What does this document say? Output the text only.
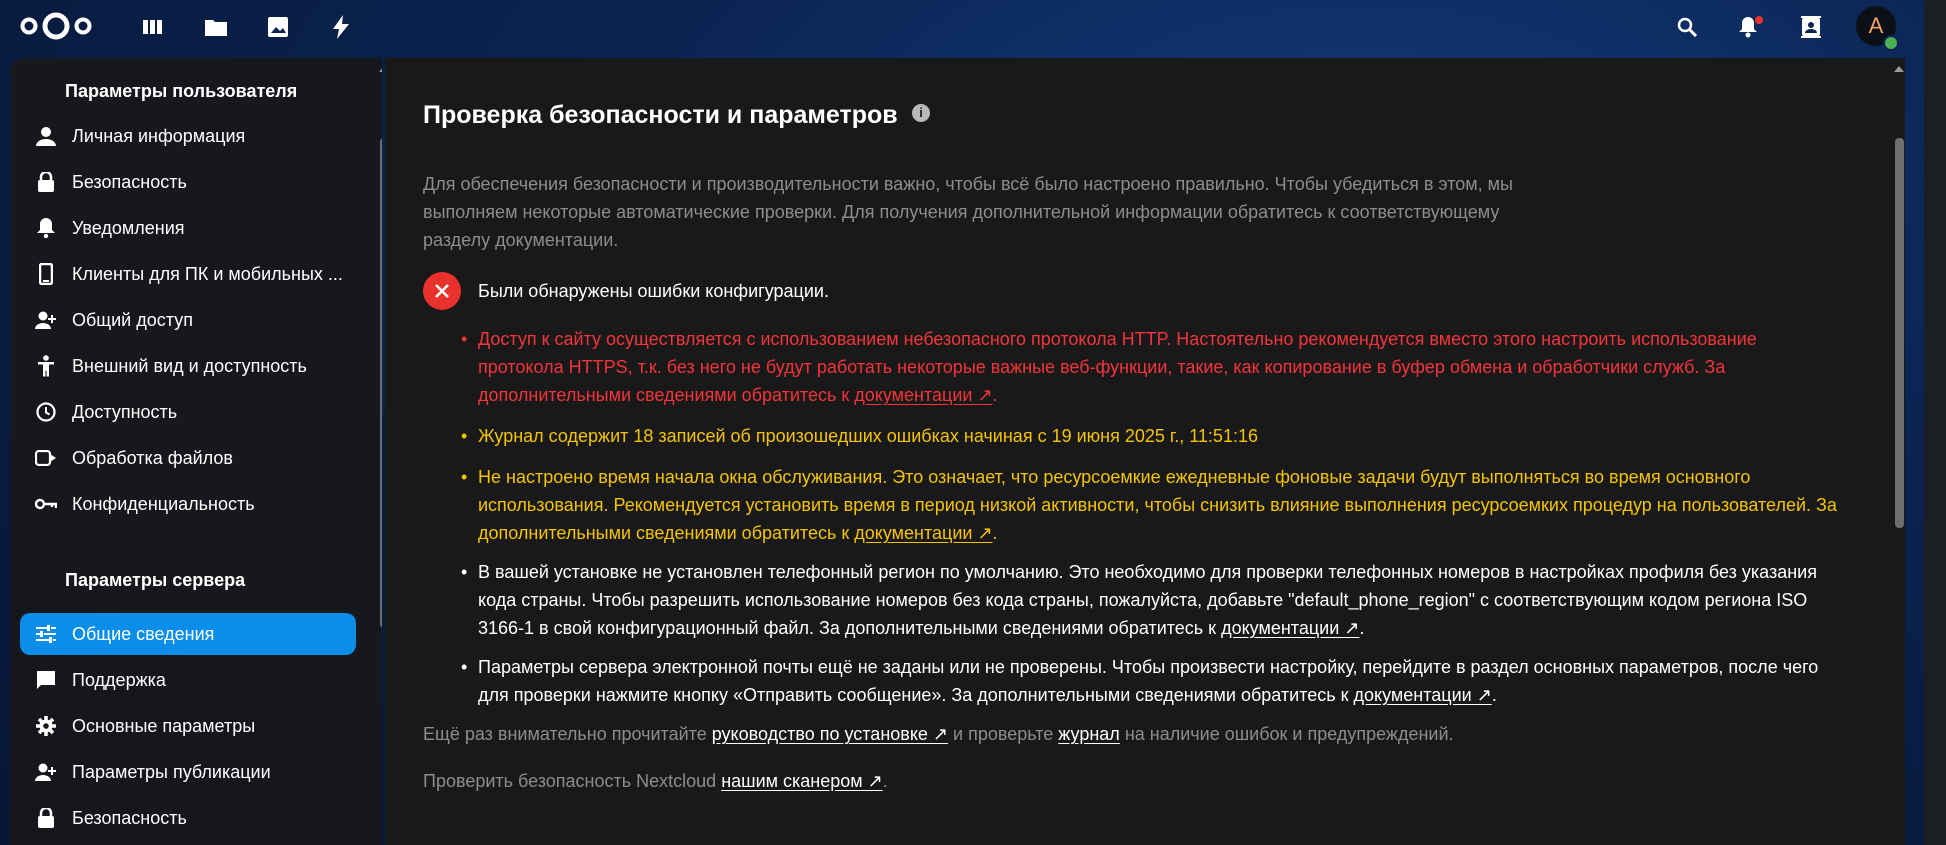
A
Параметры пользователя
Личная информация
Безопасность
Уведомления
Клиенты для ПК и мобильных ...
Общий доступ
Внешний вид и доступность
Доступность
Обработка файлов
Конфиденциальность
Параметры сервера
Общие сведения
Поддержка
Основные параметры
Параметры публикации
Безопасность
Проверка безопасности и параметров	i
Для обеспечения безопасности и производительности важно, чтобы всё было настроено правильно. Чтобы убедиться в этом, мы выполняем некоторые автоматические проверки. Для получения дополнительной информации обратитесь к соответствующему разделу документации.
Были обнаружены ошибки конфигурации.
• Доступ к сайту осуществляется с использованием небезопасного протокола HTTP. Настоятельно рекомендуется вместо этого настроить использование протокола HTTPS, т.к. без него не будут работать некоторые важные веб-функции, такие, как копирование в буфер обмена и обработчики служб. За дополнительными сведениями обратитесь к документации ↗.
• Журнал содержит 18 записей об произошедших ошибках начиная с 19 июня 2025 г., 11:51:16
• Не настроено время начала окна обслуживания. Это означает, что ресурсоемкие ежедневные фоновые задачи будут выполняться во время основного использования. Рекомендуется установить время в период низкой активности, чтобы снизить влияние выполнения ресурсоемких процедур на пользователей. За дополнительными сведениями обратитесь к документации ↗.
• В вашей установке не установлен телефонный регион по умолчанию. Это необходимо для проверки телефонных номеров в настройках профиля без указания кода страны. Чтобы разрешить использование номеров без кода страны, пожалуйста, добавьте "default_phone_region" с соответствующим кодом региона ISO 3166-1 в свой конфигурационный файл. За дополнительными сведениями обратитесь к документации ↗.
• Параметры сервера электронной почты ещё не заданы или не проверены. Чтобы произвести настройку, перейдите в раздел основных параметров, после чего для проверки нажмите кнопку «Отправить сообщение». За дополнительными сведениями обратитесь к документации ↗.
Ещё раз внимательно прочитайте руководство по установке ↗ и проверьте журнал на наличие ошибок и предупреждений.
Проверить безопасность Nextcloud нашим сканером ↗.
